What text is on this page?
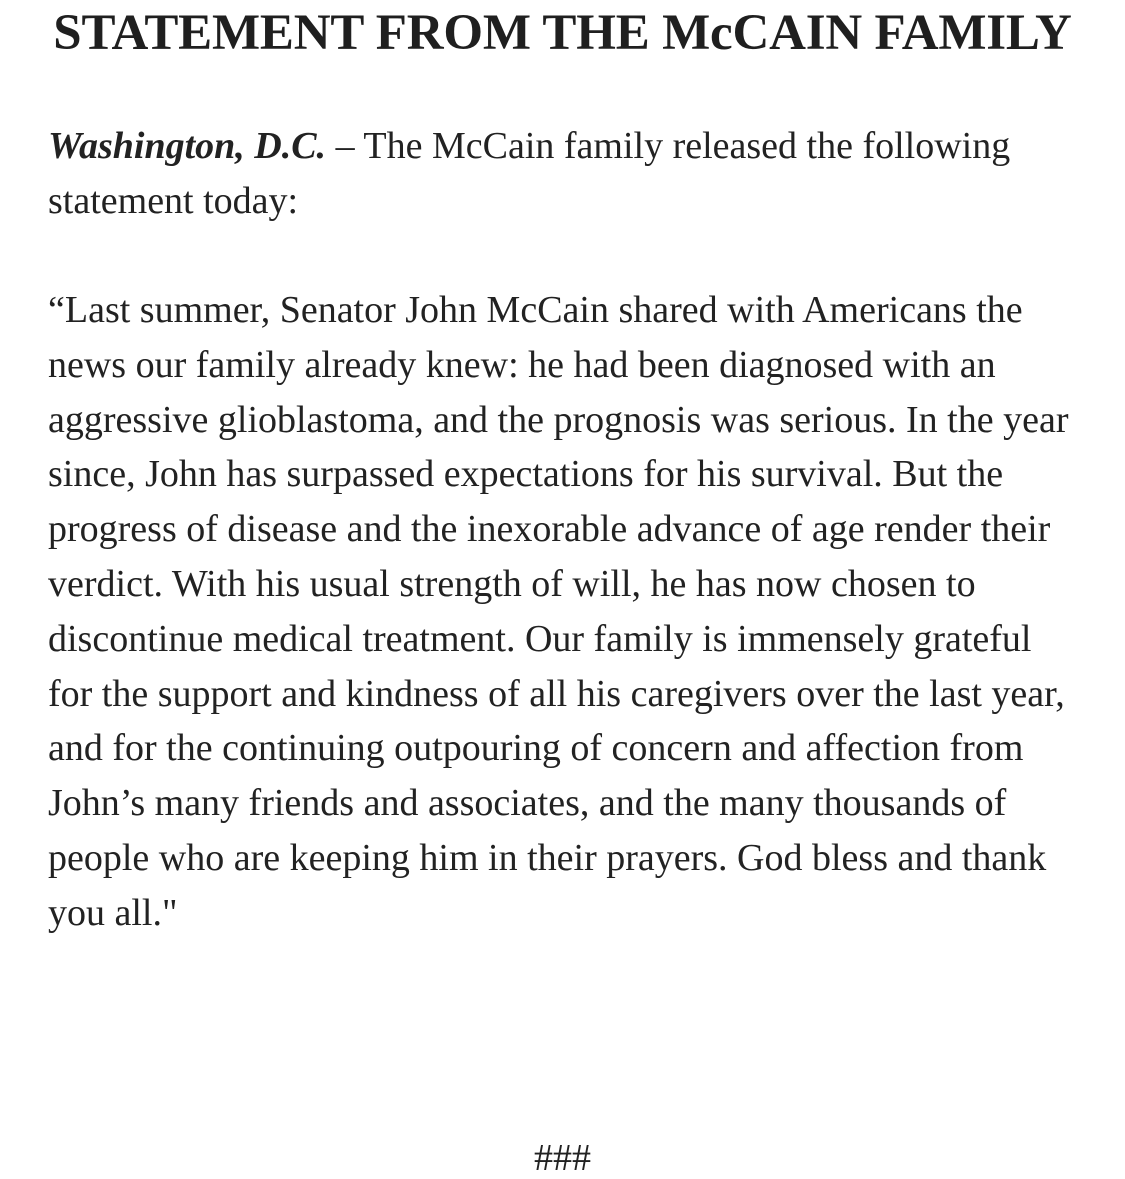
STATEMENT FROM THE McCAIN FAMILY

Washington, D.C. – The McCain family released the following statement today:

“Last summer, Senator John McCain shared with Americans the news our family already knew: he had been diagnosed with an aggressive glioblastoma, and the prognosis was serious. In the year since, John has surpassed expectations for his survival. But the progress of disease and the inexorable advance of age render their verdict. With his usual strength of will, he has now chosen to discontinue medical treatment. Our family is immensely grateful for the support and kindness of all his caregivers over the last year, and for the continuing outpouring of concern and affection from John’s many friends and associates, and the many thousands of people who are keeping him in their prayers. God bless and thank you all."

###
